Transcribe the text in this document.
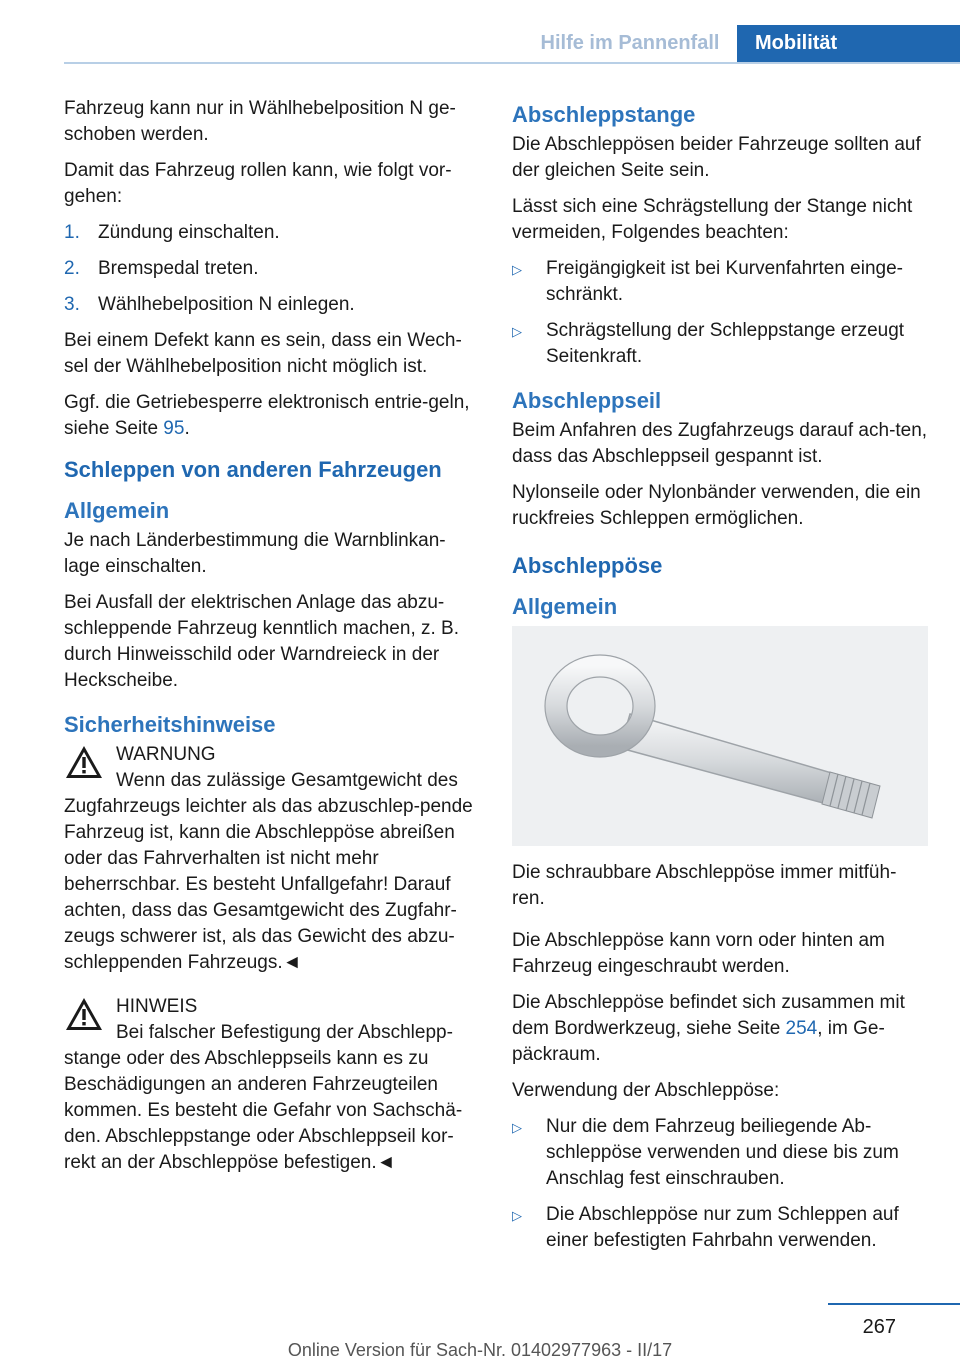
Hilfe im Pannenfall	Mobilität

Fahrzeug kann nur in Wählhebelposition N ge-schoben werden.

Damit das Fahrzeug rollen kann, wie folgt vor-gehen:

1. Zündung einschalten.
2. Bremspedal treten.
3. Wählhebelposition N einlegen.

Bei einem Defekt kann es sein, dass ein Wech-sel der Wählhebelposition nicht möglich ist.

Ggf. die Getriebesperre elektronisch entrie-geln, siehe Seite 95.

Schleppen von anderen Fahrzeugen
Allgemein

Je nach Länderbestimmung die Warnblinkan-lage einschalten.

Bei Ausfall der elektrischen Anlage das abzu-schleppende Fahrzeug kenntlich machen, z. B. durch Hinweisschild oder Warndreieck in der Heckscheibe.

Sicherheitshinweise
WARNUNG
Wenn das zulässige Gesamtgewicht des
Zugfahrzeugs leichter als das abzuschlep-pende Fahrzeug ist, kann die Abschleppöse abreißen oder das Fahrverhalten ist nicht mehr beherrschbar. Es besteht Unfallgefahr! Darauf achten, dass das Gesamtgewicht des Zugfahr-zeugs schwerer ist, als das Gewicht des abzu-schleppenden Fahrzeugs.◄
HINWEIS
Bei falscher Befestigung der Abschlepp-
stange oder des Abschleppseils kann es zu Beschädigungen an anderen Fahrzeugteilen kommen. Es besteht die Gefahr von Sachschä-den. Abschleppstange oder Abschleppseil kor-rekt an der Abschleppöse befestigen.◄
Abschleppstange

Die Abschleppösen beider Fahrzeuge sollten auf der gleichen Seite sein.

Lässt sich eine Schrägstellung der Stange nicht vermeiden, Folgendes beachten:

▷	Freigängigkeit ist bei Kurvenfahrten einge-schränkt.
▷	Schrägstellung der Schleppstange erzeugt Seitenkraft.
Abschleppseil

Beim Anfahren des Zugfahrzeugs darauf ach-ten, dass das Abschleppseil gespannt ist.

Nylonseile oder Nylonbänder verwenden, die ein ruckfreies Schleppen ermöglichen.

Abschleppöse
Allgemein

Die schraubbare Abschleppöse immer mitfüh-ren.

Die Abschleppöse kann vorn oder hinten am Fahrzeug eingeschraubt werden.

Die Abschleppöse befindet sich zusammen mit dem Bordwerkzeug, siehe Seite 254, im Ge-päckraum.

Verwendung der Abschleppöse:

▷	Nur die dem Fahrzeug beiliegende Ab-schleppöse verwenden und diese bis zum Anschlag fest einschrauben.
▷	Die Abschleppöse nur zum Schleppen auf einer befestigten Fahrbahn verwenden.
267
Online Version für Sach-Nr. 01402977963 - II/17
